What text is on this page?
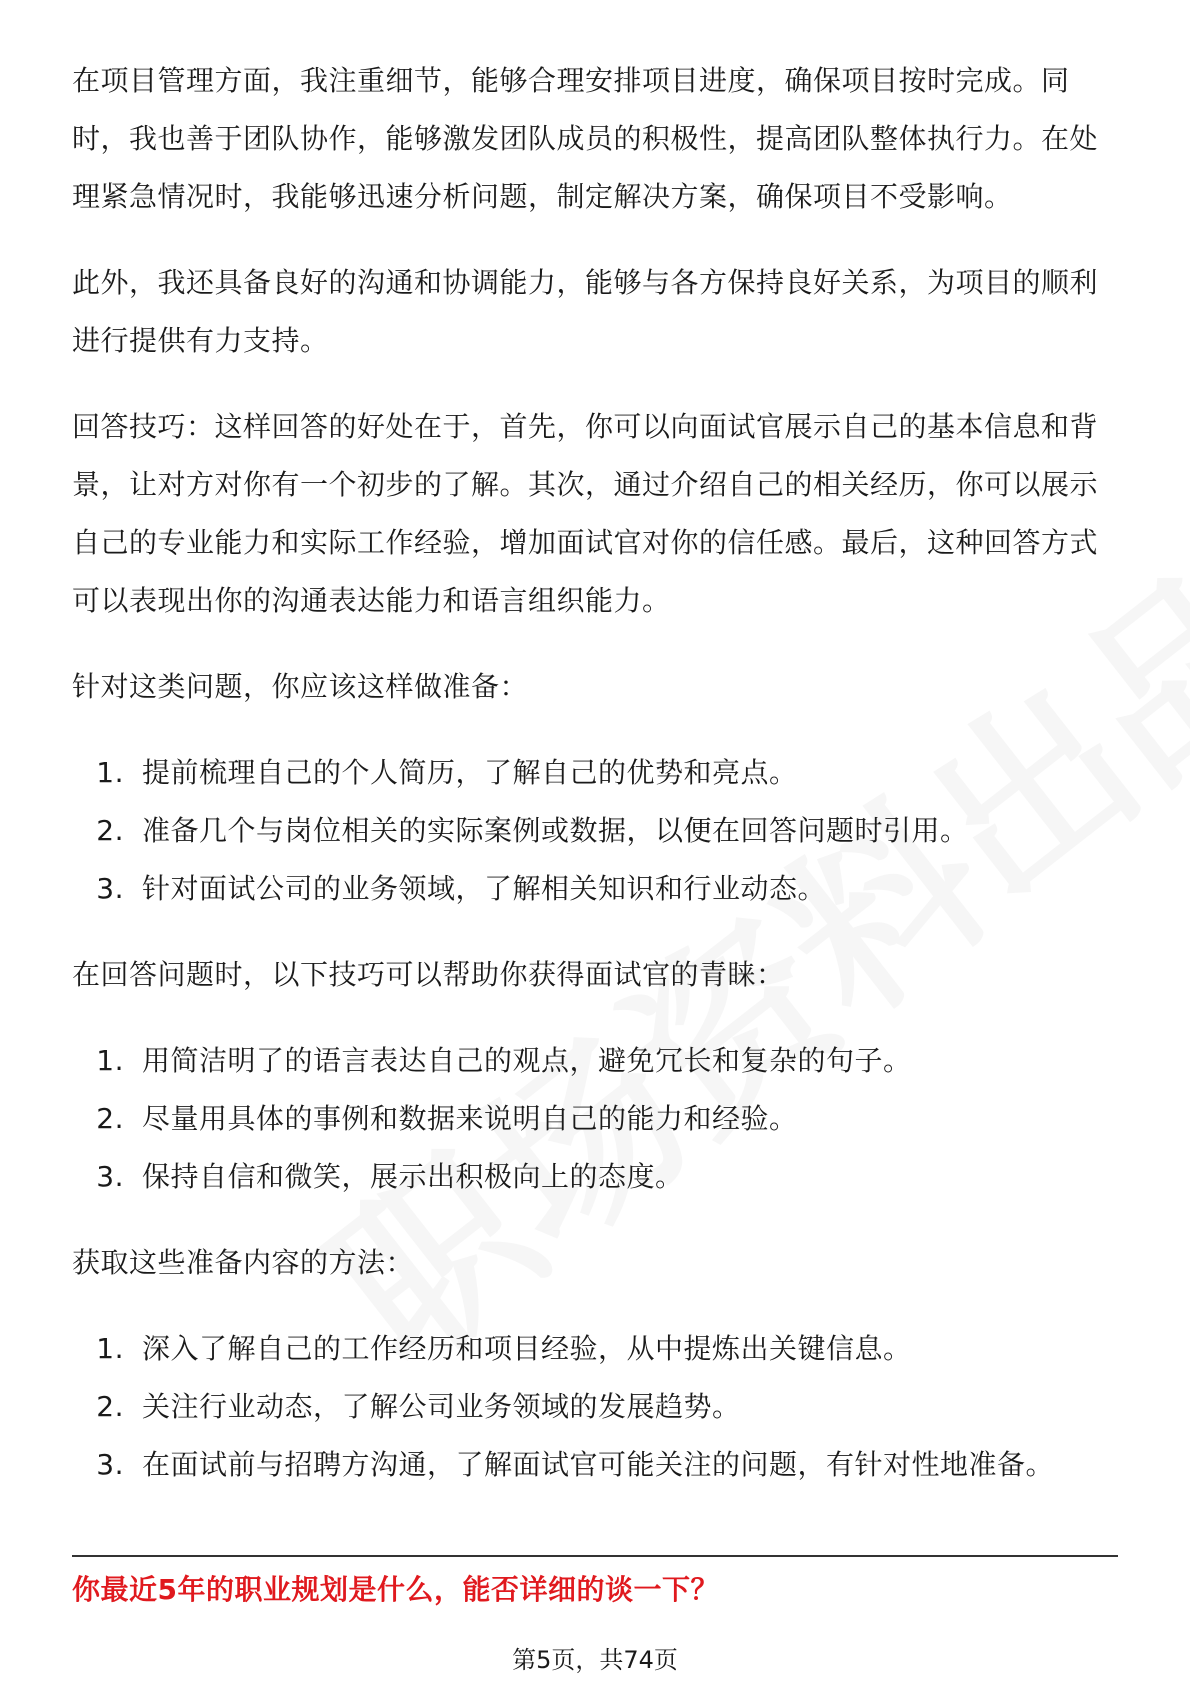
在项目管理方面，我注重细节，能够合理安排项目进度，确保项目按时完成。同时，我也善于团队协作，能够激发团队成员的积极性，提高团队整体执行力。在处理紧急情况时，我能够迅速分析问题，制定解决方案，确保项目不受影响。

此外，我还具备良好的沟通和协调能力，能够与各方保持良好关系，为项目的顺利进行提供有力支持。

回答技巧：这样回答的好处在于，首先，你可以向面试官展示自己的基本信息和背景，让对方对你有一个初步的了解。其次，通过介绍自己的相关经历，你可以展示自己的专业能力和实际工作经验，增加面试官对你的信任感。最后，这种回答方式可以表现出你的沟通表达能力和语言组织能力。

针对这类问题，你应该这样做准备：

1. 提前梳理自己的个人简历，了解自己的优势和亮点。
2. 准备几个与岗位相关的实际案例或数据，以便在回答问题时引用。
3. 针对面试公司的业务领域，了解相关知识和行业动态。

在回答问题时，以下技巧可以帮助你获得面试官的青睐：

1. 用简洁明了的语言表达自己的观点，避免冗长和复杂的句子。
2. 尽量用具体的事例和数据来说明自己的能力和经验。
3. 保持自信和微笑，展示出积极向上的态度。

获取这些准备内容的方法：

1. 深入了解自己的工作经历和项目经验，从中提炼出关键信息。
2. 关注行业动态，了解公司业务领域的发展趋势。
3. 在面试前与招聘方沟通，了解面试官可能关注的问题，有针对性地准备。
你最近5年的职业规划是什么，能否详细的谈一下？
第5页，共74页
